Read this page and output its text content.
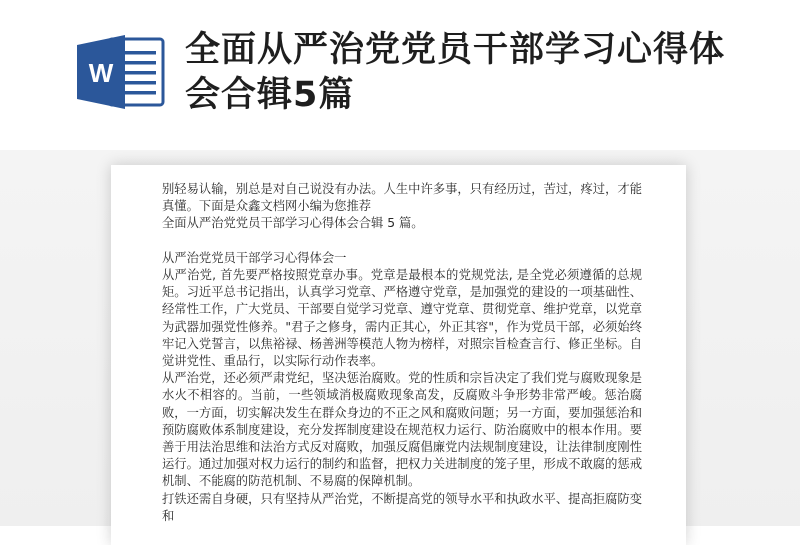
W
全面从严治党党员干部学习心得体会合辑5篇

别轻易认输，别总是对自己说没有办法。人生中许多事，只有经历过，苦过，疼过，才能真懂。下面是众鑫文档网小编为您推荐

全面从严治党党员干部学习心得体会合辑 5 篇。

从严治党党员干部学习心得体会一

从严治党, 首先要严格按照党章办事。党章是最根本的党规党法, 是全党必须遵循的总规矩。习近平总书记指出，认真学习党章、严格遵守党章，是加强党的建设的一项基础性、经常性工作，广大党员、干部要自觉学习党章、遵守党章、贯彻党章、维护党章，以党章为武器加强党性修养。"君子之修身，需内正其心，外正其容"，作为党员干部，必须始终牢记入党誓言，以焦裕禄、杨善洲等模范人物为榜样，对照宗旨检查言行、修正坐标。自觉讲党性、重品行，以实际行动作表率。

从严治党，还必须严肃党纪，坚决惩治腐败。党的性质和宗旨决定了我们党与腐败现象是水火不相容的。当前，一些领域消极腐败现象高发，反腐败斗争形势非常严峻。惩治腐败，一方面，切实解决发生在群众身边的不正之风和腐败问题；另一方面，要加强惩治和预防腐败体系制度建设，充分发挥制度建设在规范权力运行、防治腐败中的根本作用。要善于用法治思维和法治方式反对腐败，加强反腐倡廉党内法规制度建设，让法律制度刚性运行。通过加强对权力运行的制约和监督，把权力关进制度的笼子里，形成不敢腐的惩戒机制、不能腐的防范机制、不易腐的保障机制。

打铁还需自身硬，只有坚持从严治党，不断提高党的领导水平和执政水平、提高拒腐防变和
